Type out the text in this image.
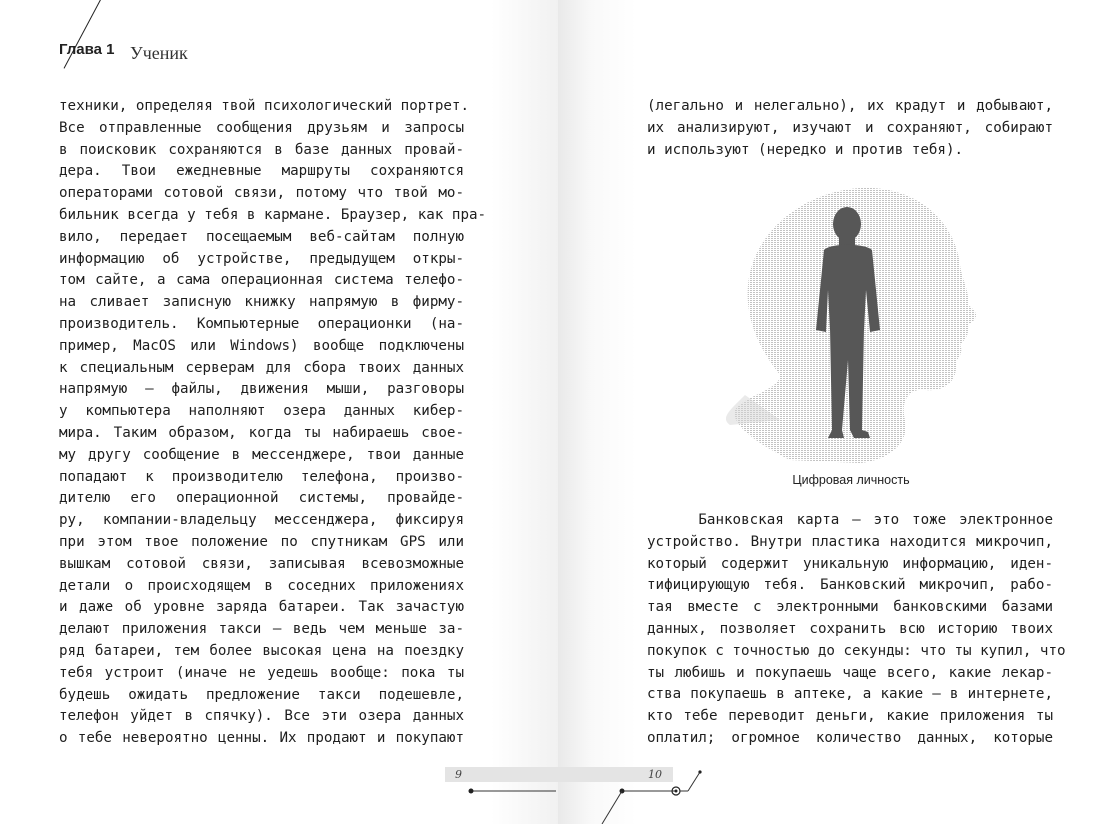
Глава 1 Ученик
техники, определяя твой психологический портрет.
Все отправленные сообщения друзьям и запросы
в поисковик сохраняются в базе данных провай-
дера. Твои ежедневные маршруты сохраняются
операторами сотовой связи, потому что твой мо-
бильник всегда у тебя в кармане. Браузер, как пра-
вило, передает посещаемым веб-сайтам полную
информацию об устройстве, предыдущем откры-
том сайте, а сама операционная система телефо-
на сливает записную книжку напрямую в фирму-
производитель. Компьютерные операционки (на-
пример, MacOS или Windows) вообще подключены
к специальным серверам для сбора твоих данных
напрямую — файлы, движения мыши, разговоры
у компьютера наполняют озера данных кибер-
мира. Таким образом, когда ты набираешь свое-
му другу сообщение в мессенджере, твои данные
попадают к производителю телефона, произво-
дителю его операционной системы, провайде-
ру, компании-владельцу мессенджера, фиксируя
при этом твое положение по спутникам GPS или
вышкам сотовой связи, записывая всевозможные
детали о происходящем в соседних приложениях
и даже об уровне заряда батареи. Так зачастую
делают приложения такси — ведь чем меньше за-
ряд батареи, тем более высокая цена на поездку
тебя устроит (иначе не уедешь вообще: пока ты
будешь ожидать предложение такси подешевле,
телефон уйдет в спячку). Все эти озера данных
о тебе невероятно ценны. Их продают и покупают
(легально и нелегально), их крадут и добывают,
их анализируют, изучают и сохраняют, собирают
и используют (нередко и против тебя).
Цифровая личность
Банковская карта — это тоже электронное
устройство. Внутри пластика находится микрочип,
который содержит уникальную информацию, иден-
тифицирующую тебя. Банковский микрочип, рабо-
тая вместе с электронными банковскими базами
данных, позволяет сохранить всю историю твоих
покупок с точностью до секунды: что ты купил, что
ты любишь и покупаешь чаще всего, какие лекар-
ства покупаешь в аптеке, а какие — в интернете,
кто тебе переводит деньги, какие приложения ты
оплатил; огромное количество данных, которые
9	10
